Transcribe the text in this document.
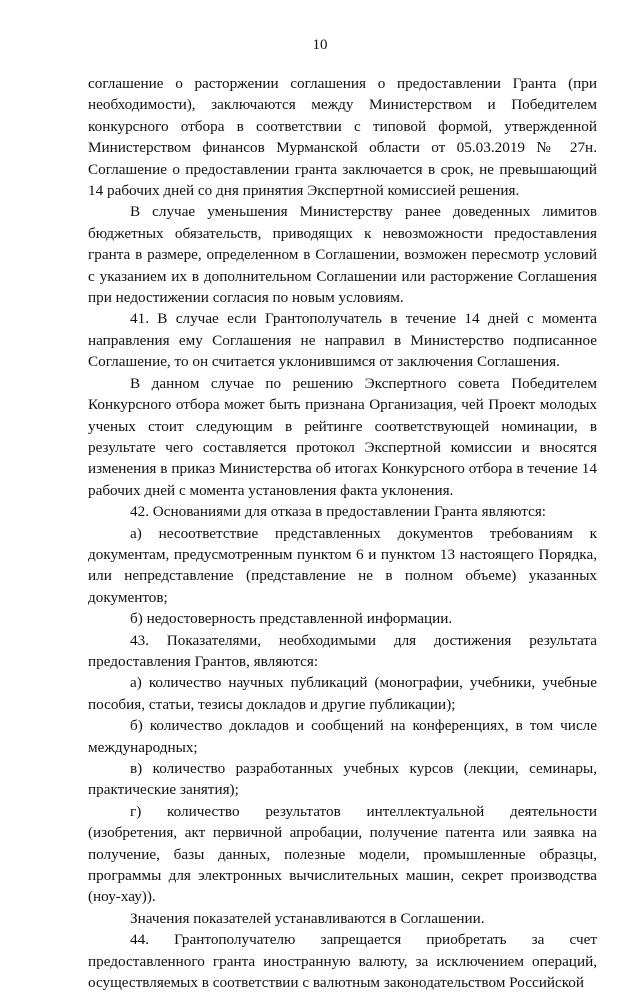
10

соглашение о расторжении соглашения о предоставлении Гранта (при необходимости), заключаются между Министерством и Победителем конкурсного отбора в соответствии с типовой формой, утвержденной Министерством финансов Мурманской области от 05.03.2019 № 27н. Соглашение о предоставлении гранта заключается в срок, не превышающий 14 рабочих дней со дня принятия Экспертной комиссией решения.

В случае уменьшения Министерству ранее доведенных лимитов бюджетных обязательств, приводящих к невозможности предоставления гранта в размере, определенном в Соглашении, возможен пересмотр условий с указанием их в дополнительном Соглашении или расторжение Соглашения при недостижении согласия по новым условиям.

41. В случае если Грантополучатель в течение 14 дней с момента направления ему Соглашения не направил в Министерство подписанное Соглашение, то он считается уклонившимся от заключения Соглашения.

В данном случае по решению Экспертного совета Победителем Конкурсного отбора может быть признана Организация, чей Проект молодых ученых стоит следующим в рейтинге соответствующей номинации, в результате чего составляется протокол Экспертной комиссии и вносятся изменения в приказ Министерства об итогах Конкурсного отбора в течение 14 рабочих дней с момента установления факта уклонения.

42. Основаниями для отказа в предоставлении Гранта являются:

а) несоответствие представленных документов требованиям к документам, предусмотренным пунктом 6 и пунктом 13 настоящего Порядка, или непредставление (представление не в полном объеме) указанных документов;

б) недостоверность представленной информации.

43. Показателями, необходимыми для достижения результата предоставления Грантов, являются:

а) количество научных публикаций (монографии, учебники, учебные пособия, статьи, тезисы докладов и другие публикации);

б) количество докладов и сообщений на конференциях, в том числе международных;

в) количество разработанных учебных курсов (лекции, семинары, практические занятия);

г) количество результатов интеллектуальной деятельности (изобретения, акт первичной апробации, получение патента или заявка на получение, базы данных, полезные модели, промышленные образцы, программы для электронных вычислительных машин, секрет производства (ноу-хау)).

Значения показателей устанавливаются в Соглашении.

44. Грантополучателю запрещается приобретать за счет предоставленного гранта иностранную валюту, за исключением операций, осуществляемых в соответствии с валютным законодательством Российской
